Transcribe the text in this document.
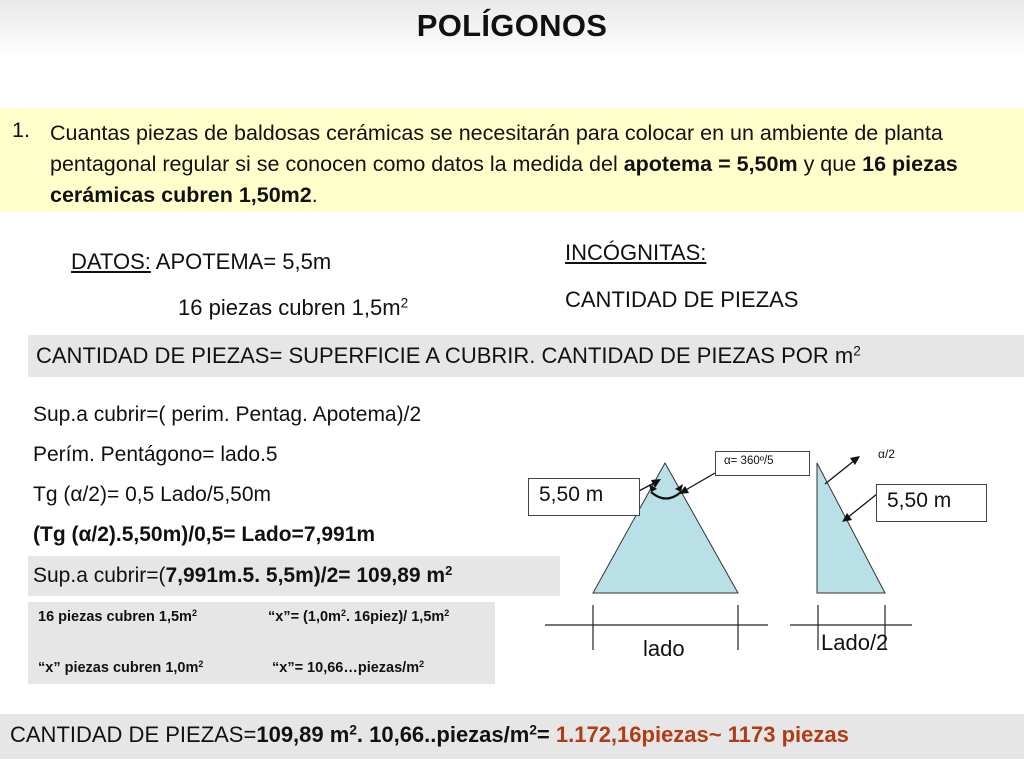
POLÍGONOS
1. Cuantas piezas de baldosas cerámicas se necesitarán para colocar en un ambiente de planta pentagonal regular si se conocen como datos la medida del apotema = 5,50m y que 16 piezas cerámicas cubren 1,50m2.
DATOS: APOTEMA= 5,5m
16 piezas cubren $1,5m^2$
INCÓGNITAS:
CANTIDAD DE PIEZAS
CANTIDAD DE PIEZAS= SUPERFICIE A CUBRIR. CANTIDAD DE PIEZAS POR $m^2$
Sup.a cubrir=( perim. Pentag. Apotema)/2
Perím. Pentágono= lado.5
Tg (α/2)= 0,5 Lado/5,50m
(Tg (α/2).5,50m)/0,5= Lado=7,991m
Sup.a cubrir=(7,991m.5. 5,5m)/2= 109,89 $m^2$
16 piezas cubren $1,5m^2$
“x” piezas cubren $1,0m^2$
“x”= ($1,0m^2$. 16piez)/ $1,5m^2$
“x”= $10,66\dots piezas/m^2$
5,50 m
α= 360º/5	α/2
5,50 m
lado	Lado/2
CANTIDAD DE PIEZAS=109,89 $m^2$. $10,66..piezas/m^2=$ 1.172,16piezas~ 1173 piezas
